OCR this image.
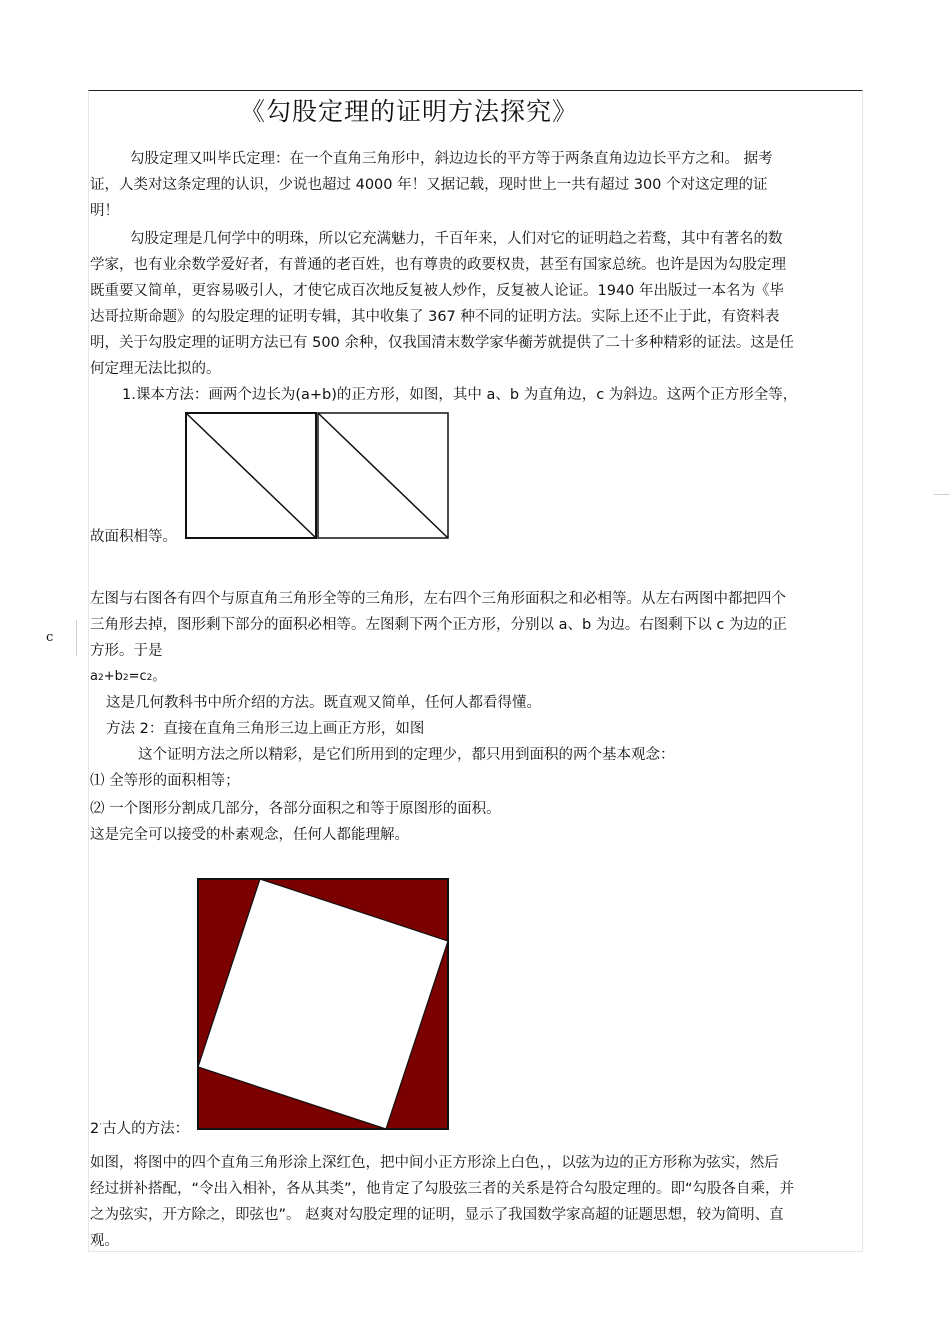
c
《勾股定理的证明方法探究》
勾股定理又叫毕氏定理：在一个直角三角形中，斜边边长的平方等于两条直角边边长平方之和。 据考
证，人类对这条定理的认识，少说也超过 4000 年！又据记载，现时世上一共有超过 300 个对这定理的证
明！
勾股定理是几何学中的明珠，所以它充满魅力，千百年来，人们对它的证明趋之若鹜，其中有著名的数
学家，也有业余数学爱好者，有普通的老百姓，也有尊贵的政要权贵，甚至有国家总统。也许是因为勾股定理
既重要又简单，更容易吸引人，才使它成百次地反复被人炒作，反复被人论证。1940 年出版过一本名为《毕
达哥拉斯命题》的勾股定理的证明专辑，其中收集了 367 种不同的证明方法。实际上还不止于此，有资料表
明，关于勾股定理的证明方法已有 500 余种，仅我国清末数学家华蘅芳就提供了二十多种精彩的证法。这是任
何定理无法比拟的。
1.课本方法：画两个边长为(a+b)的正方形，如图，其中 a、b 为直角边，c 为斜边。这两个正方形全等，
故面积相等。
左图与右图各有四个与原直角三角形全等的三角形，左右四个三角形面积之和必相等。从左右两图中都把四个
三角形去掉，图形剩下部分的面积必相等。左图剩下两个正方形，分别以 a、b 为边。右图剩下以 c 为边的正
方形。于是
a2+b2=c2。
这是几何教科书中所介绍的方法。既直观又简单，任何人都看得懂。
方法 2：直接在直角三角形三边上画正方形，如图
这个证明方法之所以精彩，是它们所用到的定理少，都只用到面积的两个基本观念：
⑴ 全等形的面积相等；
⑵ 一个图形分割成几部分，各部分面积之和等于原图形的面积。
这是完全可以接受的朴素观念，任何人都能理解。
2·古人的方法：
如图，将图中的四个直角三角形涂上深红色，把中间小正方形涂上白色，，以弦为边的正方形称为弦实，然后
经过拼补搭配，“令出入相补，各从其类”，他肯定了勾股弦三者的关系是符合勾股定理的。即“勾股各自乘，并
之为弦实，开方除之，即弦也”。 赵爽对勾股定理的证明，显示了我国数学家高超的证题思想，较为简明、直
观。
